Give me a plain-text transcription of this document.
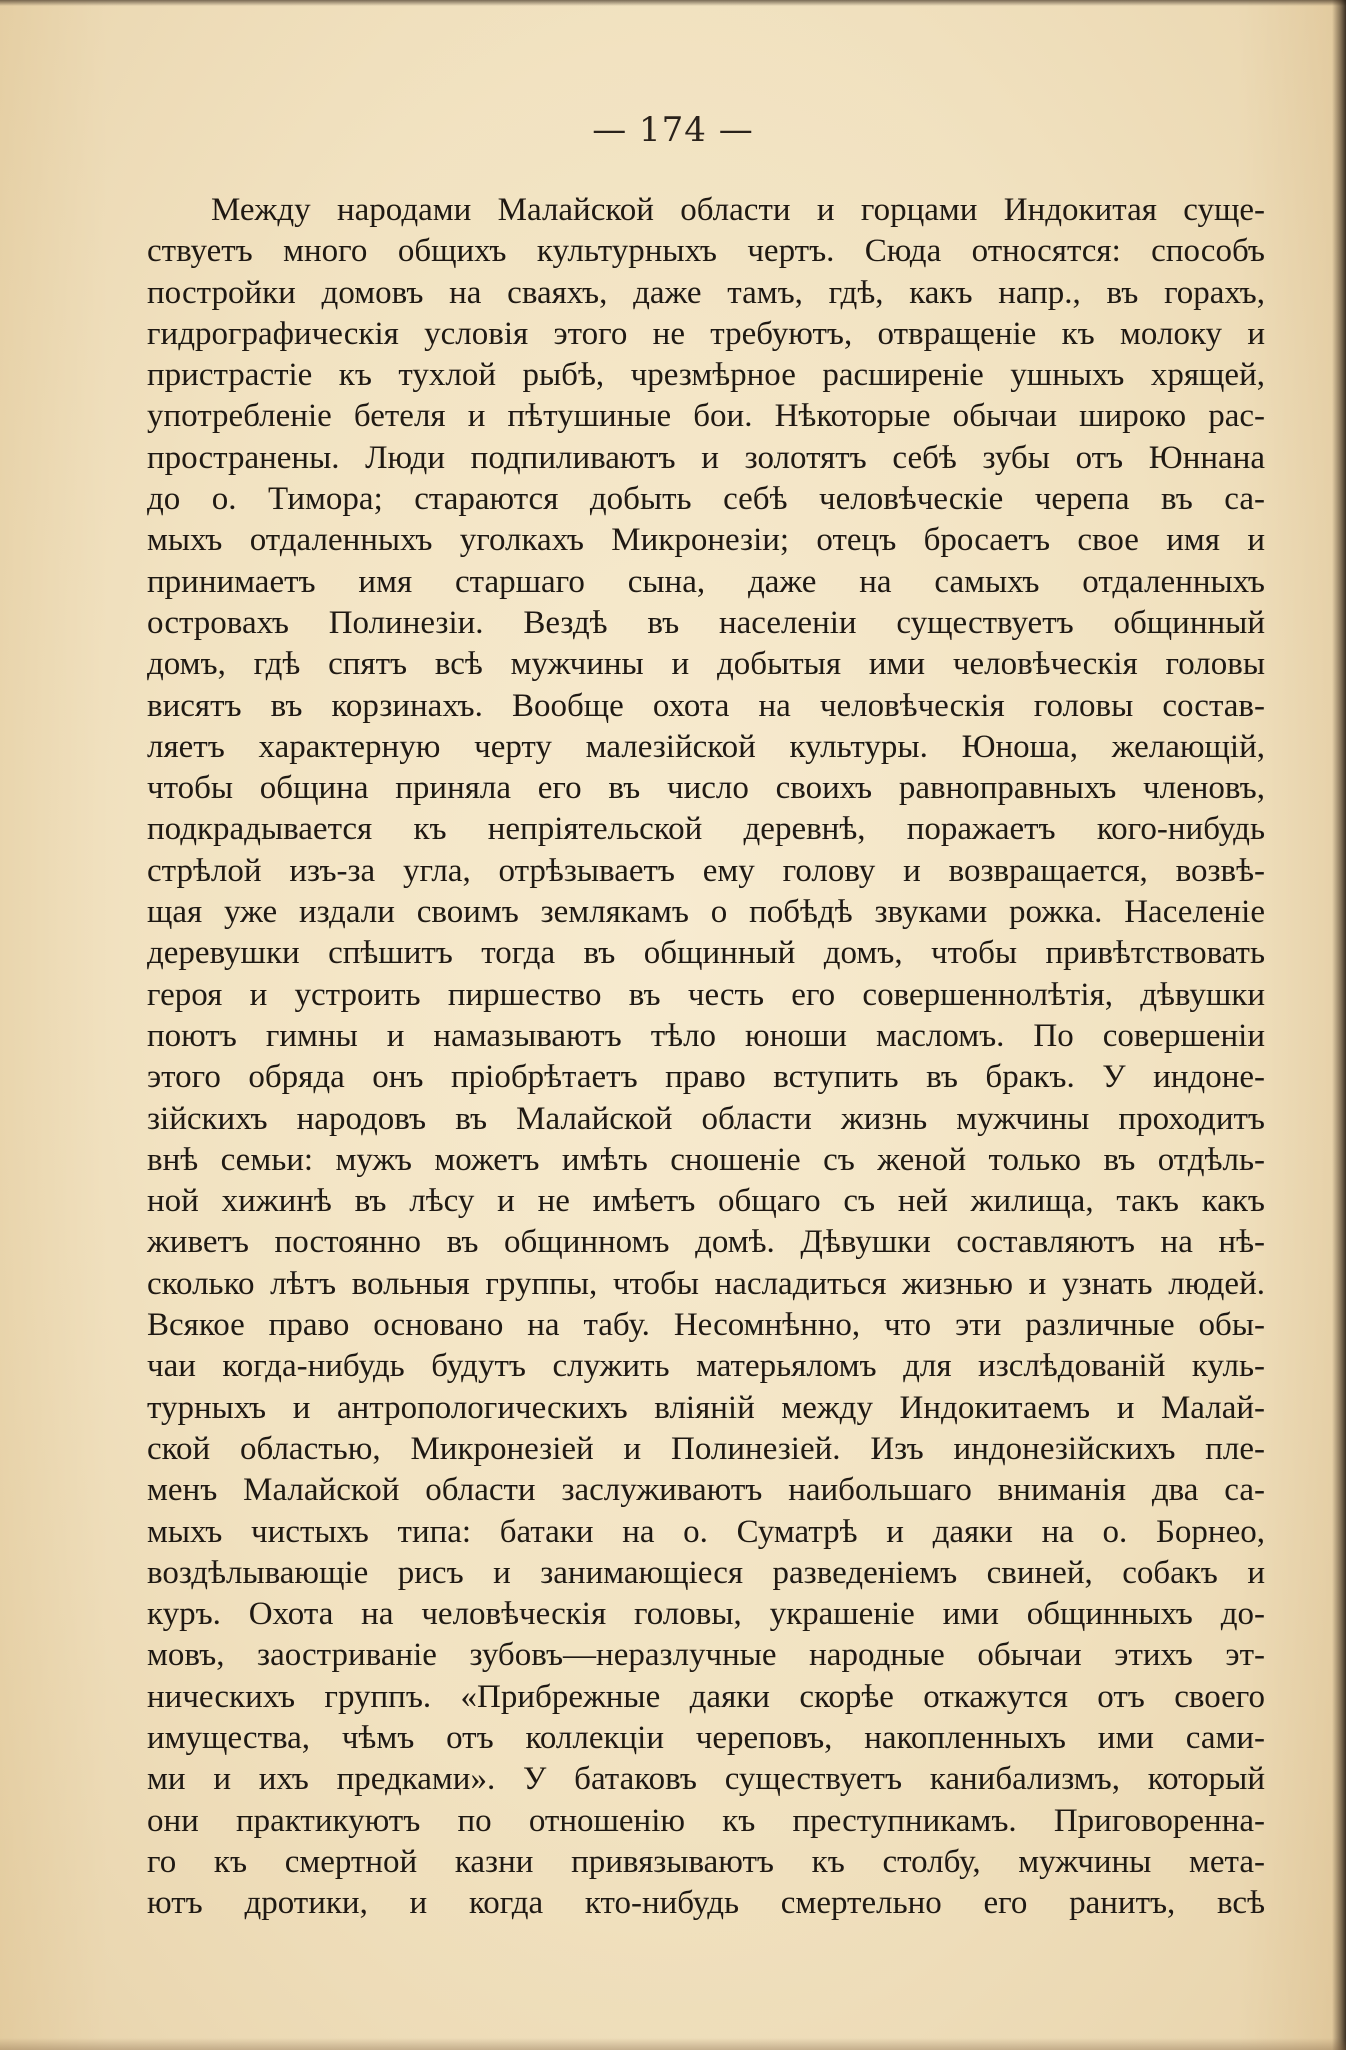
— 174 —
Между народами Малайской области и горцами Индокитая суще-
ствуетъ много общихъ культурныхъ чертъ. Сюда относятся: способъ
постройки домовъ на сваяхъ, даже тамъ, гдѣ, какъ напр., въ горахъ,
гидрографическія условія этого не требуютъ, отвращеніе къ молоку и
пристрастіе къ тухлой рыбѣ, чрезмѣрное расширеніе ушныхъ хрящей,
употребленіе бетеля и пѣтушиные бои. Нѣкоторые обычаи широко рас-
пространены. Люди подпиливаютъ и золотятъ себѣ зубы отъ Юннана
до о. Тимора; стараются добыть себѣ человѣческіе черепа въ са-
мыхъ отдаленныхъ уголкахъ Микронезіи; отецъ бросаетъ свое имя и
принимаетъ имя старшаго сына, даже на самыхъ отдаленныхъ
островахъ Полинезіи. Вездѣ въ населеніи существуетъ общинный
домъ, гдѣ спятъ всѣ мужчины и добытыя ими человѣческія головы
висятъ въ корзинахъ. Вообще охота на человѣческія головы состав-
ляетъ характерную черту малезійской культуры. Юноша, желающій,
чтобы община приняла его въ число своихъ равноправныхъ членовъ,
подкрадывается къ непріятельской деревнѣ, поражаетъ кого-нибудь
стрѣлой изъ-за угла, отрѣзываетъ ему голову и возвращается, возвѣ-
щая уже издали своимъ землякамъ о побѣдѣ звуками рожка. Населеніе
деревушки спѣшитъ тогда въ общинный домъ, чтобы привѣтствовать
героя и устроить пиршество въ честь его совершеннолѣтія, дѣвушки
поютъ гимны и намазываютъ тѣло юноши масломъ. По совершеніи
этого обряда онъ пріобрѣтаетъ право вступить въ бракъ. У индоне-
зійскихъ народовъ въ Малайской области жизнь мужчины проходитъ
внѣ семьи: мужъ можетъ имѣть сношеніе съ женой только въ отдѣль-
ной хижинѣ въ лѣсу и не имѣетъ общаго съ ней жилища, такъ какъ
живетъ постоянно въ общинномъ домѣ. Дѣвушки составляютъ на нѣ-
сколько лѣтъ вольныя группы, чтобы насладиться жизнью и узнать людей.
Всякое право основано на табу. Несомнѣнно, что эти различные обы-
чаи когда-нибудь будутъ служить матерьяломъ для изслѣдованій куль-
турныхъ и антропологическихъ вліяній между Индокитаемъ и Малай-
ской областью, Микронезіей и Полинезіей. Изъ индонезійскихъ пле-
менъ Малайской области заслуживаютъ наибольшаго вниманія два са-
мыхъ чистыхъ типа: батаки на о. Суматрѣ и даяки на о. Борнео,
воздѣлывающіе рисъ и занимающіеся разведеніемъ свиней, собакъ и
куръ. Охота на человѣческія головы, украшеніе ими общинныхъ до-
мовъ, заостриваніе зубовъ—неразлучные народные обычаи этихъ эт-
ническихъ группъ. «Прибрежные даяки скорѣе откажутся отъ своего
имущества, чѣмъ отъ коллекціи череповъ, накопленныхъ ими сами-
ми и ихъ предками». У батаковъ существуетъ канибализмъ, который
они практикуютъ по отношенію къ преступникамъ. Приговоренна-
го къ смертной казни привязываютъ къ столбу, мужчины мета-
ютъ дротики, и когда кто-нибудь смертельно его ранитъ, всѣ
